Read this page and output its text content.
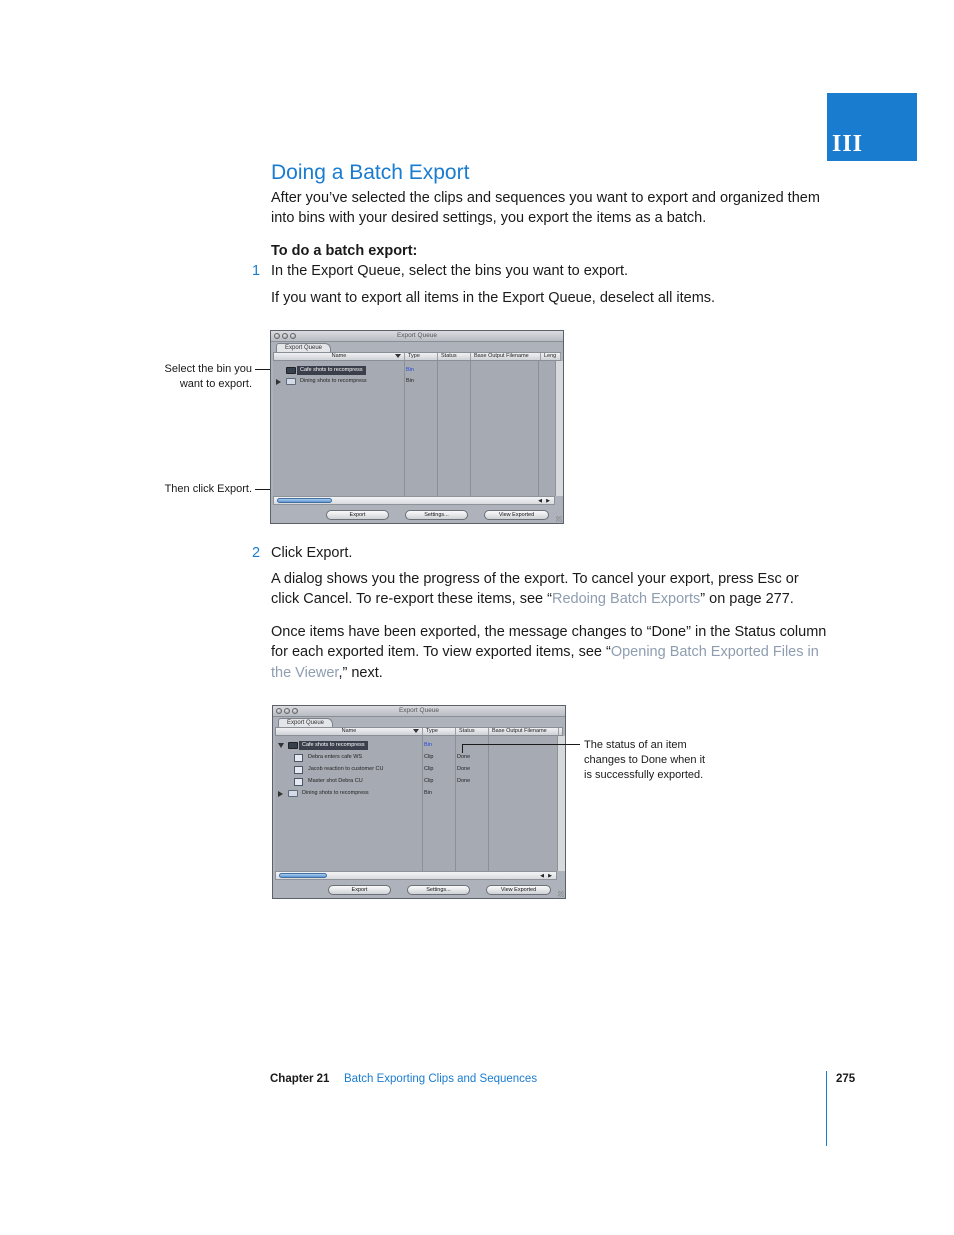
III
Doing a Batch Export
After you’ve selected the clips and sequences you want to export and organized them
into bins with your desired settings, you export the items as a batch.
To do a batch export:
1 In the Export Queue, select the bins you want to export.
If you want to export all items in the Export Queue, deselect all items.
Select the bin you
want to export.
Then click Export.
Export Queue
Export Queue
Name	Type	Status	Base Output Filename	Leng
Cafe shots to recompress	Bin
Dining shots to recompress	Bin
◀ ▶
Export	Settings...	View Exported
2 Click Export.
A dialog shows you the progress of the export. To cancel your export, press Esc or
click Cancel. To re-export these items, see “Redoing Batch Exports” on page 277.
Once items have been exported, the message changes to “Done” in the Status column
for each exported item. To view exported items, see “Opening Batch Exported Files in
the Viewer,” next.
Export Queue
Export Queue
Name	Type	Status	Base Output Filename
Cafe shots to recompress	Bin
Debra enters cafe WS	Clip	Done
Jacob reaction to customer CU	Clip	Done
Master shot Debra CU	Clip	Done
Dining shots to recompress	Bin
◀ ▶
Export	Settings...	View Exported
The status of an item
changes to Done when it
is successfully exported.
Chapter 21 Batch Exporting Clips and Sequences	275
